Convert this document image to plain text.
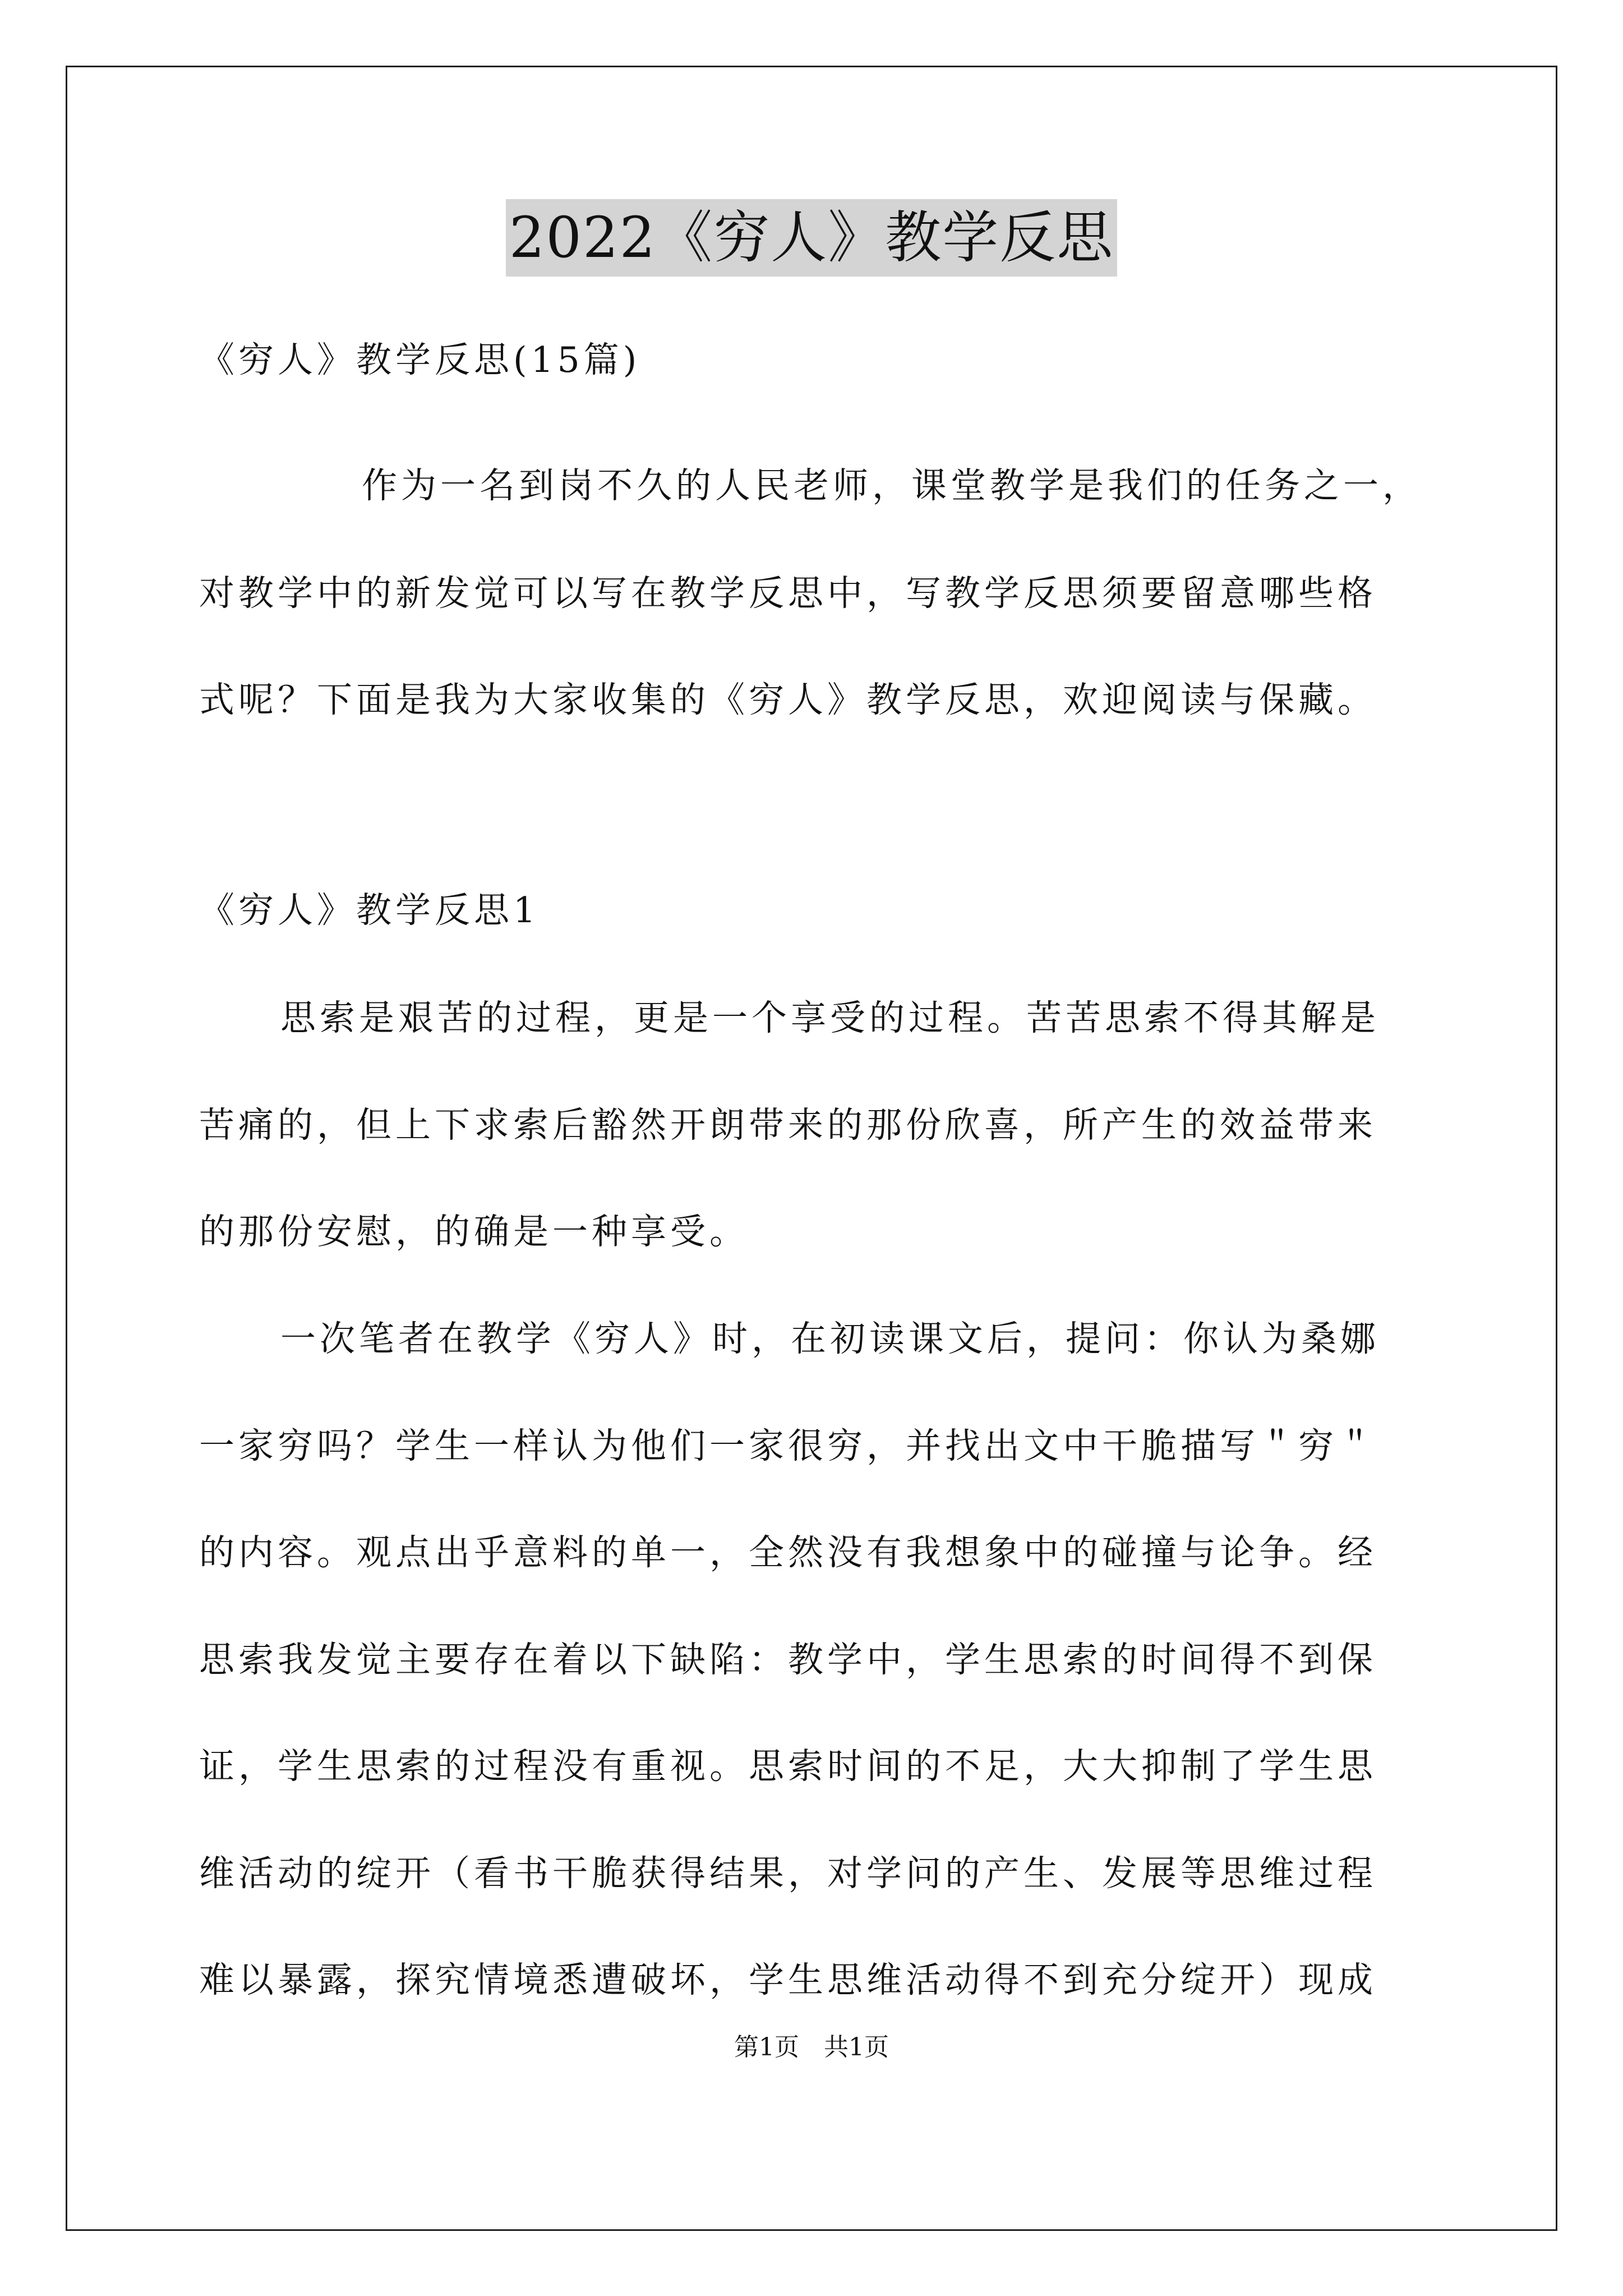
2022《穷人》教学反思
《穷人》教学反思(15篇)
作为一名到岗不久的人民老师，课堂教学是我们的任务之一，
对教学中的新发觉可以写在教学反思中，写教学反思须要留意哪些格
式呢？下面是我为大家收集的《穷人》教学反思，欢迎阅读与保藏。
《穷人》教学反思1
思索是艰苦的过程，更是一个享受的过程。苦苦思索不得其解是
苦痛的，但上下求索后豁然开朗带来的那份欣喜，所产生的效益带来
的那份安慰，的确是一种享受。
一次笔者在教学《穷人》时，在初读课文后，提问：你认为桑娜
一家穷吗？学生一样认为他们一家很穷，并找出文中干脆描写＂穷＂
的内容。观点出乎意料的单一，全然没有我想象中的碰撞与论争。经
思索我发觉主要存在着以下缺陷：教学中，学生思索的时间得不到保
证，学生思索的过程没有重视。思索时间的不足，大大抑制了学生思
维活动的绽开（看书干脆获得结果，对学问的产生、发展等思维过程
难以暴露，探究情境悉遭破坏，学生思维活动得不到充分绽开）现成
第1页　共1页
